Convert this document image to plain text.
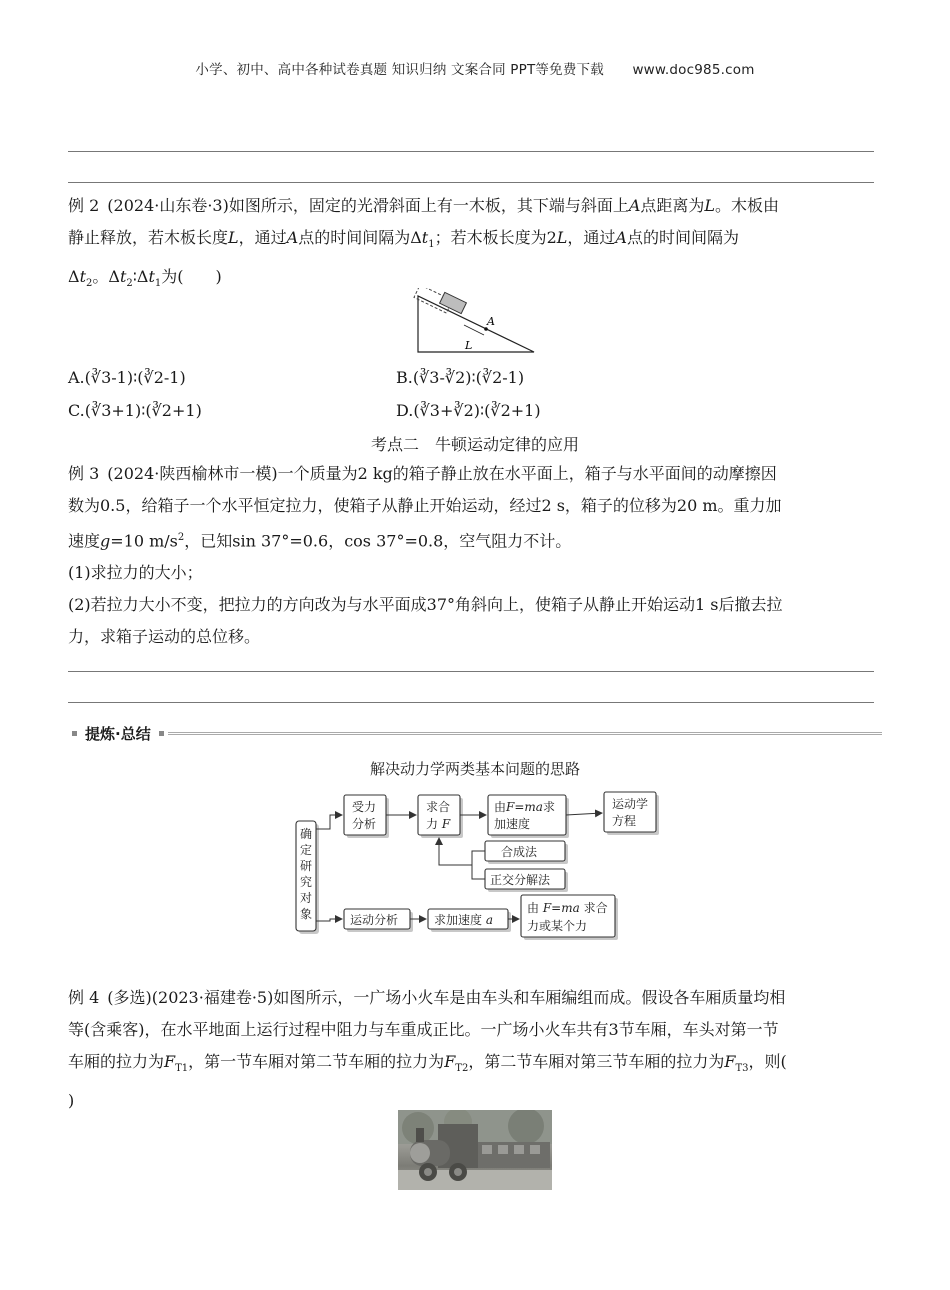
小学、初中、高中各种试卷真题 知识归纳 文案合同 PPT等免费下载 www.doc985.com

例 2 (2024·山东卷·3)如图所示，固定的光滑斜面上有一木板，其下端与斜面上A点距离为L。木板由

静止释放，若木板长度L，通过A点的时间间隔为$\Delta t_1$；若木板长度为2L，通过A点的时间间隔为

$\Delta t_2$。$\Delta t_2∶\Delta t_1$为(　　)

A
L
A.(∛3-1)∶(∛2-1)	B.(∛3-∛2)∶(∛2-1)
C.(∛3+1)∶(∛2+1)	D.(∛3+∛2)∶(∛2+1)
考点二　牛顿运动定律的应用

例 3 (2024·陕西榆林市一模)一个质量为2 kg的箱子静止放在水平面上，箱子与水平面间的动摩擦因

数为0.5，给箱子一个水平恒定拉力，使箱子从静止开始运动，经过2 s，箱子的位移为20 m。重力加

速度g=10 $m/s^2$，已知sin 37°=0.6，cos 37°=0.8，空气阻力不计。

(1)求拉力的大小；

(2)若拉力大小不变，把拉力的方向改为与水平面成37°角斜向上，使箱子从静止开始运动1 s后撤去拉

力，求箱子运动的总位移。

提炼·总结
解决动力学两类基本问题的思路
确
定
研
究
对
象
受力
分析
求合
力 F
由F=ma求
加速度
运动学
方程
合成法
正交分解法
运动分析	求加速度 a
由 F=ma 求合
力或某个力

例 4 (多选)(2023·福建卷·5)如图所示，一广场小火车是由车头和车厢编组而成。假设各车厢质量均相

等(含乘客)，在水平地面上运行过程中阻力与车重成正比。一广场小火车共有3节车厢，车头对第一节

车厢的拉力为$F_{T1}$，第一节车厢对第二节车厢的拉力为$F_{T2}$，第二节车厢对第三节车厢的拉力为$F_{T3}$，则(

)
